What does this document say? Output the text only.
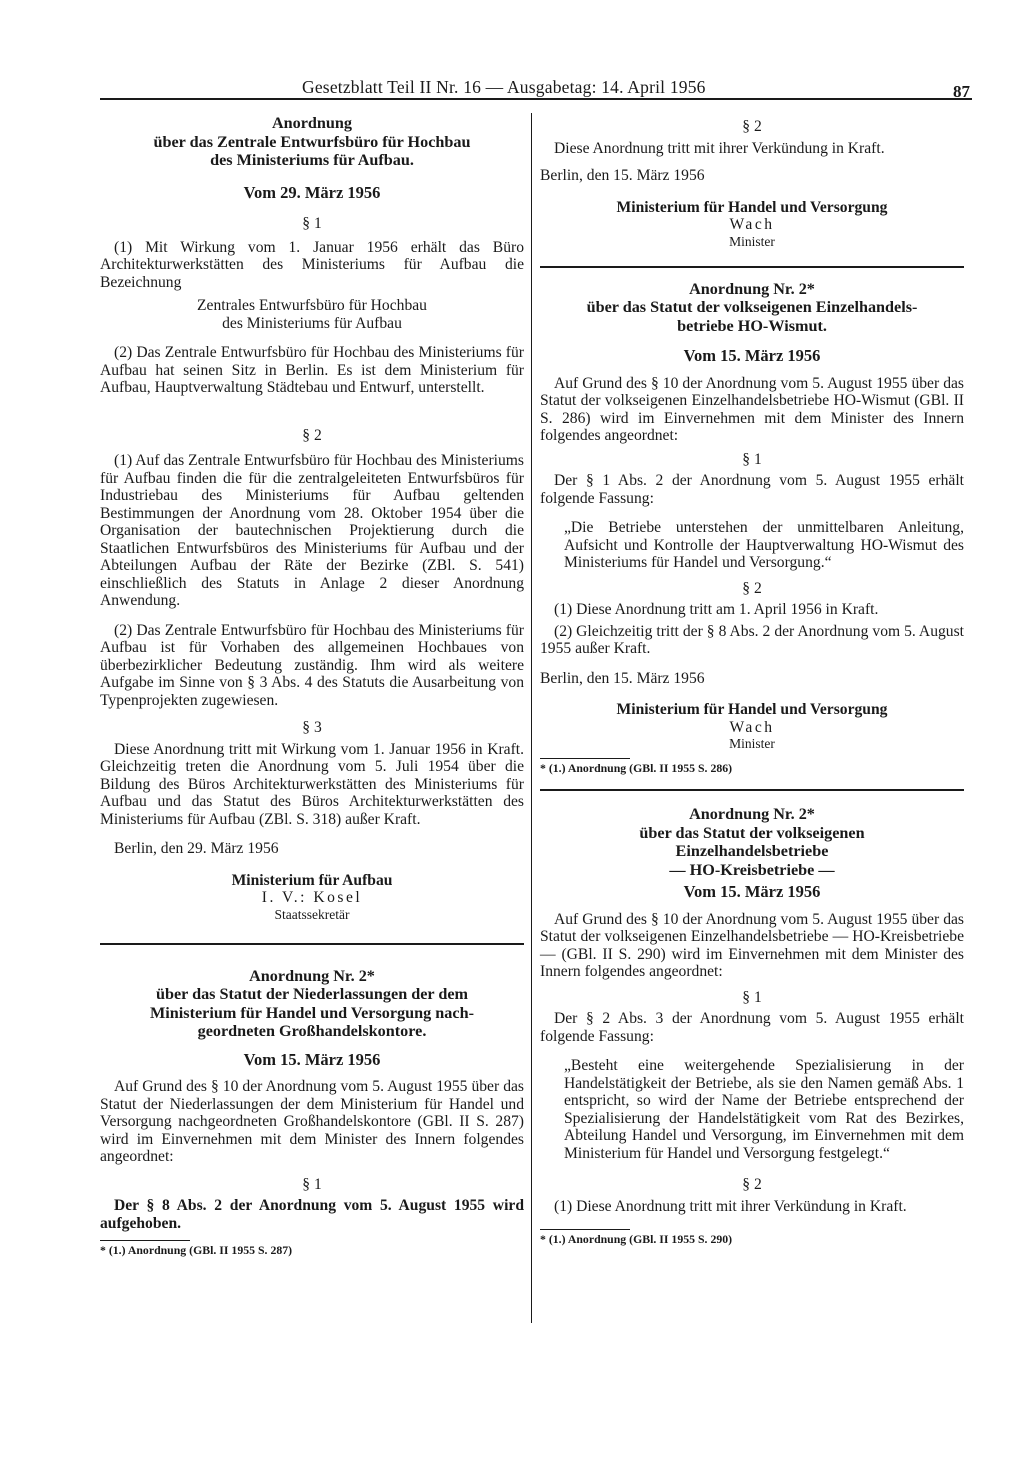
Gesetzblatt Teil II Nr. 16 — Ausgabetag: 14. April 1956	87
Anordnung
über das Zentrale Entwurfsbüro für Hochbau
des Ministeriums für Aufbau.
Vom 29. März 1956
§ 1

(1) Mit Wirkung vom 1. Januar 1956 erhält das Büro Architekturwerkstätten des Ministeriums für Aufbau die Bezeichnung

Zentrales Entwurfsbüro für Hochbau
des Ministeriums für Aufbau

(2) Das Zentrale Entwurfsbüro für Hochbau des Ministeriums für Aufbau hat seinen Sitz in Berlin. Es ist dem Ministerium für Aufbau, Hauptverwaltung Städtebau und Entwurf, unterstellt.

§ 2

(1) Auf das Zentrale Entwurfsbüro für Hochbau des Ministeriums für Aufbau finden die für die zentralgeleiteten Entwurfsbüros für Industriebau des Ministeriums für Aufbau geltenden Bestimmungen der Anordnung vom 28. Oktober 1954 über die Organisation der bautechnischen Projektierung durch die Staatlichen Entwurfsbüros des Ministeriums für Aufbau und der Abteilungen Aufbau der Räte der Bezirke (ZBl. S. 541) einschließlich des Statuts in Anlage 2 dieser Anordnung Anwendung.

(2) Das Zentrale Entwurfsbüro für Hochbau des Ministeriums für Aufbau ist für Vorhaben des allgemeinen Hochbaues von überbezirklicher Bedeutung zuständig. Ihm wird als weitere Aufgabe im Sinne von § 3 Abs. 4 des Statuts die Ausarbeitung von Typenprojekten zugewiesen.

§ 3

Diese Anordnung tritt mit Wirkung vom 1. Januar 1956 in Kraft. Gleichzeitig treten die Anordnung vom 5. Juli 1954 über die Bildung des Büros Architekturwerkstätten des Ministeriums für Aufbau und das Statut des Büros Architekturwerkstätten des Ministeriums für Aufbau (ZBl. S. 318) außer Kraft.

Berlin, den 29. März 1956

Ministerium für Aufbau
I. V.: Kosel
Staatssekretär
Anordnung Nr. 2*
über das Statut der Niederlassungen der dem
Ministerium für Handel und Versorgung nach-
geordneten Großhandelskontore.
Vom 15. März 1956

Auf Grund des § 10 der Anordnung vom 5. August 1955 über das Statut der Niederlassungen der dem Ministerium für Handel und Versorgung nachgeordneten Großhandelskontore (GBl. II S. 287) wird im Einvernehmen mit dem Minister des Innern folgendes angeordnet:

§ 1

Der § 8 Abs. 2 der Anordnung vom 5. August 1955 wird aufgehoben.

* (1.) Anordnung (GBl. II 1955 S. 287)

§ 2

Diese Anordnung tritt mit ihrer Verkündung in Kraft.

Berlin, den 15. März 1956

Ministerium für Handel und Versorgung
Wach
Minister
Anordnung Nr. 2*
über das Statut der volkseigenen Einzelhandels-
betriebe HO-Wismut.
Vom 15. März 1956

Auf Grund des § 10 der Anordnung vom 5. August 1955 über das Statut der volkseigenen Einzelhandelsbetriebe HO-Wismut (GBl. II S. 286) wird im Einvernehmen mit dem Minister des Innern folgendes angeordnet:

§ 1

Der § 1 Abs. 2 der Anordnung vom 5. August 1955 erhält folgende Fassung:

„Die Betriebe unterstehen der unmittelbaren Anleitung, Aufsicht und Kontrolle der Hauptverwaltung HO-Wismut des Ministeriums für Handel und Versorgung.“

§ 2

(1) Diese Anordnung tritt am 1. April 1956 in Kraft.

(2) Gleichzeitig tritt der § 8 Abs. 2 der Anordnung vom 5. August 1955 außer Kraft.

Berlin, den 15. März 1956

Ministerium für Handel und Versorgung
Wach
Minister

* (1.) Anordnung (GBl. II 1955 S. 286)

Anordnung Nr. 2*
über das Statut der volkseigenen
Einzelhandelsbetriebe
— HO-Kreisbetriebe —
Vom 15. März 1956

Auf Grund des § 10 der Anordnung vom 5. August 1955 über das Statut der volkseigenen Einzelhandelsbetriebe — HO-Kreisbetriebe — (GBl. II S. 290) wird im Einvernehmen mit dem Minister des Innern folgendes angeordnet:

§ 1

Der § 2 Abs. 3 der Anordnung vom 5. August 1955 erhält folgende Fassung:

„Besteht eine weitergehende Spezialisierung in der Handelstätigkeit der Betriebe, als sie den Namen gemäß Abs. 1 entspricht, so wird der Name der Betriebe entsprechend der Spezialisierung der Handelstätigkeit vom Rat des Bezirkes, Abteilung Handel und Versorgung, im Einvernehmen mit dem Ministerium für Handel und Versorgung festgelegt.“

§ 2

(1) Diese Anordnung tritt mit ihrer Verkündung in Kraft.

* (1.) Anordnung (GBl. II 1955 S. 290)
